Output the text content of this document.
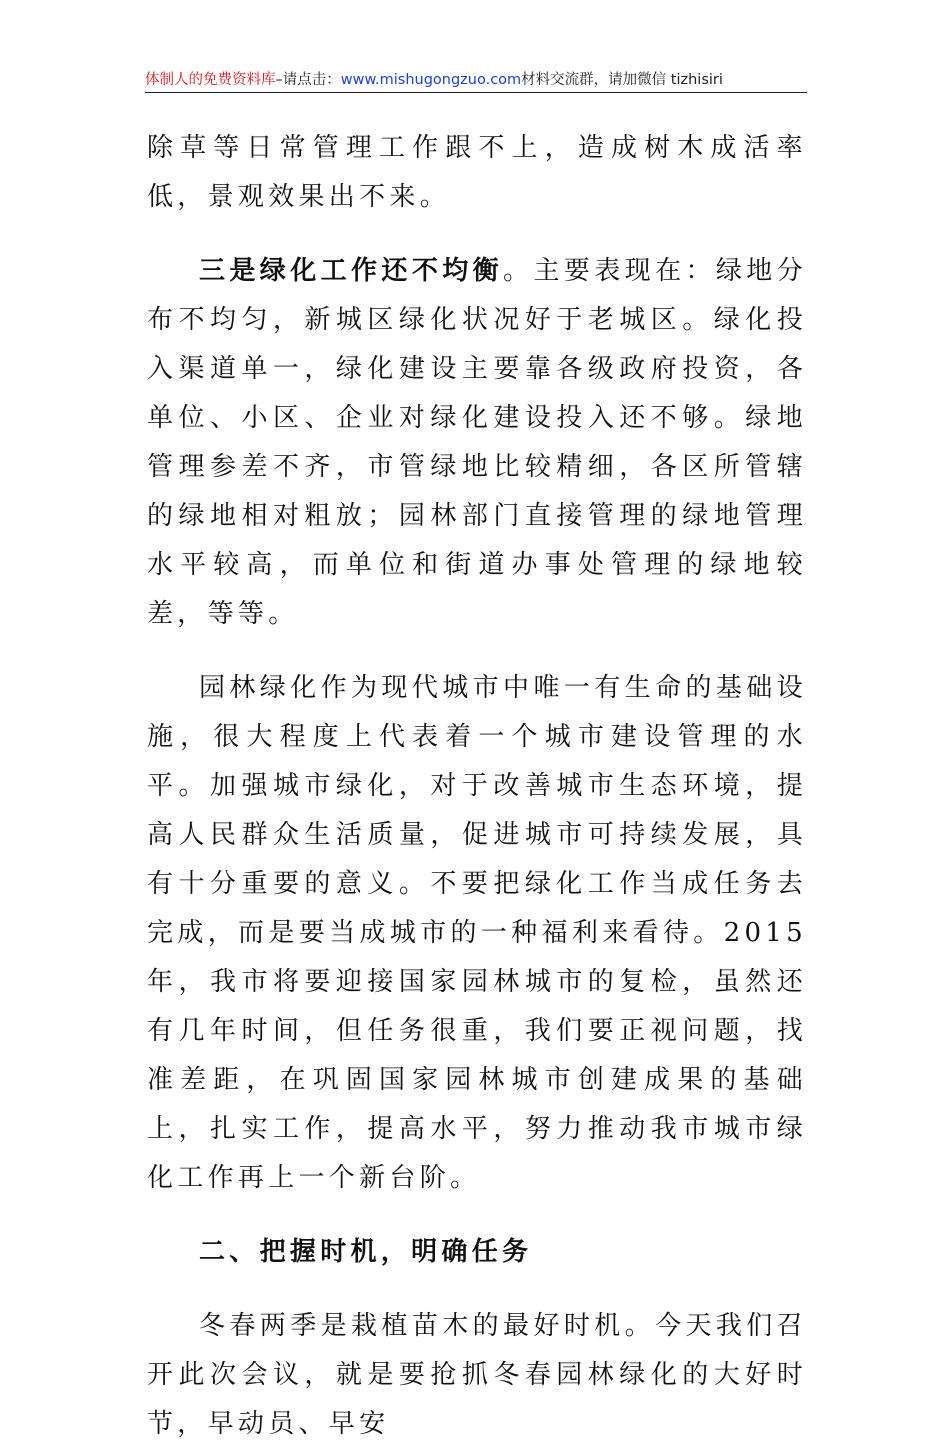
体制人的免费资料库–请点击：www.mishugongzuo.com材料交流群，请加微信 tizhisiri

除草等日常管理工作跟不上，造成树木成活率低，景观效果出不来。

三是绿化工作还不均衡。主要表现在：绿地分布不均匀，新城区绿化状况好于老城区。绿化投入渠道单一，绿化建设主要靠各级政府投资，各单位、小区、企业对绿化建设投入还不够。绿地管理参差不齐，市管绿地比较精细，各区所管辖的绿地相对粗放；园林部门直接管理的绿地管理水平较高，而单位和街道办事处管理的绿地较差，等等。

园林绿化作为现代城市中唯一有生命的基础设施，很大程度上代表着一个城市建设管理的水平。加强城市绿化，对于改善城市生态环境，提高人民群众生活质量，促进城市可持续发展，具有十分重要的意义。不要把绿化工作当成任务去完成，而是要当成城市的一种福利来看待。2015年，我市将要迎接国家园林城市的复检，虽然还有几年时间，但任务很重，我们要正视问题，找准差距，在巩固国家园林城市创建成果的基础上，扎实工作，提高水平，努力推动我市城市绿化工作再上一个新台阶。

二、把握时机，明确任务

冬春两季是栽植苗木的最好时机。今天我们召开此次会议，就是要抢抓冬春园林绿化的大好时节，早动员、早安
